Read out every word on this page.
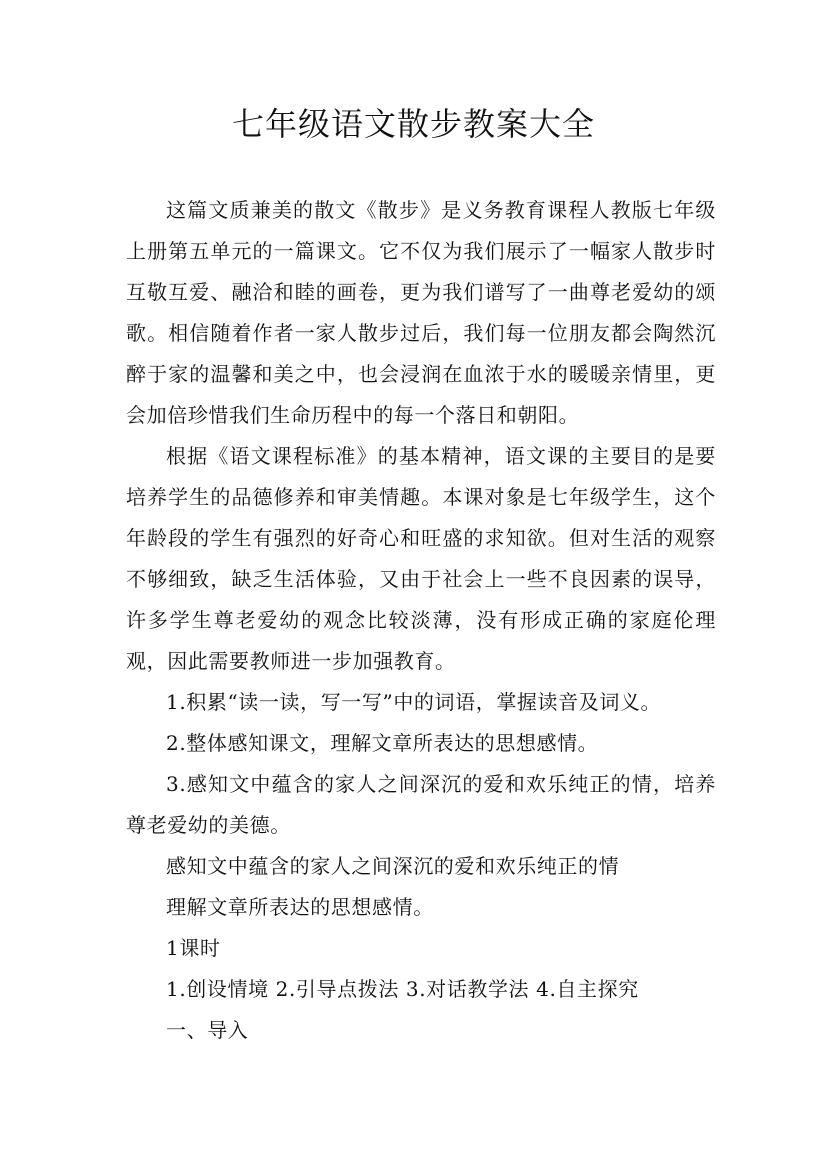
七年级语文散步教案大全

这篇文质兼美的散文《散步》是义务教育课程人教版七年级上册第五单元的一篇课文。它不仅为我们展示了一幅家人散步时互敬互爱、融洽和睦的画卷，更为我们谱写了一曲尊老爱幼的颂歌。相信随着作者一家人散步过后，我们每一位朋友都会陶然沉醉于家的温馨和美之中，也会浸润在血浓于水的暖暖亲情里，更会加倍珍惜我们生命历程中的每一个落日和朝阳。

根据《语文课程标准》的基本精神，语文课的主要目的是要培养学生的品德修养和审美情趣。本课对象是七年级学生，这个年龄段的学生有强烈的好奇心和旺盛的求知欲。但对生活的观察不够细致，缺乏生活体验，又由于社会上一些不良因素的误导，许多学生尊老爱幼的观念比较淡薄，没有形成正确的家庭伦理观，因此需要教师进一步加强教育。

1.积累“读一读，写一写”中的词语，掌握读音及词义。

2.整体感知课文，理解文章所表达的思想感情。

3.感知文中蕴含的家人之间深沉的爱和欢乐纯正的情，培养尊老爱幼的美德。

感知文中蕴含的家人之间深沉的爱和欢乐纯正的情

理解文章所表达的思想感情。

1课时

1.创设情境 2.引导点拨法 3.对话教学法 4.自主探究

一、导入
